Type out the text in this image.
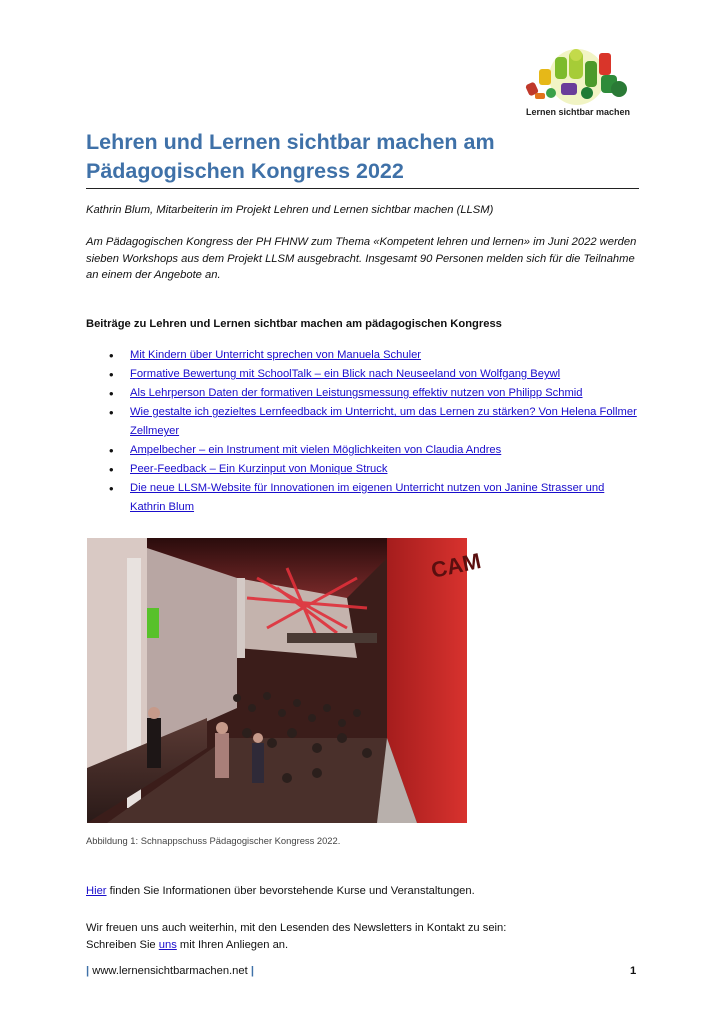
Lernen sichtbar machen
Lehren und Lernen sichtbar machen am Pädagogischen Kongress 2022
Kathrin Blum, Mitarbeiterin im Projekt Lehren und Lernen sichtbar machen (LLSM)
Am Pädagogischen Kongress der PH FHNW zum Thema «Kompetent lehren und lernen» im Juni 2022 werden sieben Workshops aus dem Projekt LLSM ausgebracht. Insgesamt 90 Personen melden sich für die Teilnahme an einem der Angebote an.
Beiträge zu Lehren und Lernen sichtbar machen am pädagogischen Kongress
• Mit Kindern über Unterricht sprechen von Manuela Schuler
• Formative Bewertung mit SchoolTalk – ein Blick nach Neuseeland von Wolfgang Beywl
• Als Lehrperson Daten der formativen Leistungsmessung effektiv nutzen von Philipp Schmid
• Wie gestalte ich gezieltes Lernfeedback im Unterricht, um das Lernen zu stärken? Von Helena Follmer Zellmeyer
• Ampelbecher – ein Instrument mit vielen Möglichkeiten von Claudia Andres
• Peer-Feedback – Ein Kurzinput von Monique Struck
• Die neue LLSM-Website für Innovationen im eigenen Unterricht nutzen von Janine Strasser und Kathrin Blum
CAM
Abbildung 1: Schnappschuss Pädagogischer Kongress 2022.
Hier finden Sie Informationen über bevorstehende Kurse und Veranstaltungen.
Wir freuen uns auch weiterhin, mit den Lesenden des Newsletters in Kontakt zu sein:
Schreiben Sie uns mit Ihren Anliegen an.
| www.lernensichtbarmachen.net |	1
